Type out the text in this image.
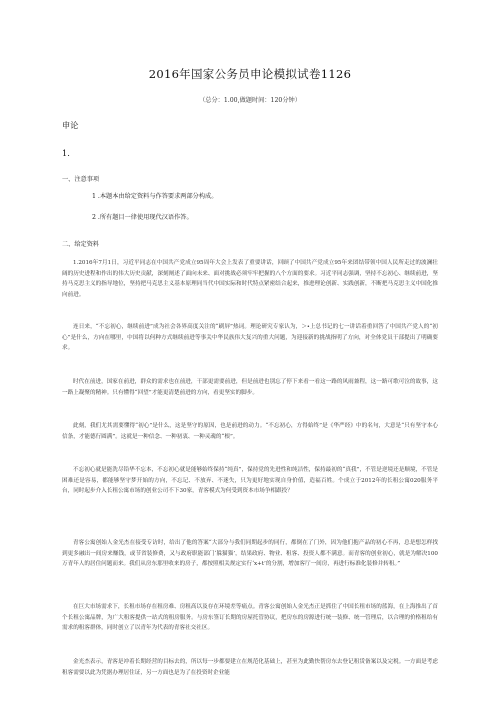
2016年国家公务员申论模拟试卷1126
（总分：1.00,做题时间：120分钟）
申论
1.
一、注意事项
1 .本题本由给定资料与作答要求两部分构成。
2 .所有题目一律使用现代汉语作答。
二、给定资料

1.2016年7月1日，习近平同志在中国共产党成立95周年大会上发表了重要讲话，回顾了中国共产党成立95年来团结带领中国人民所走过的波澜壮阔的历史进程和作出的伟大历史贡献，深刻阐述了面向未来、面对挑战必须牢牢把握的八个方面的要求。习近平同志强调，坚持不忘初心、继续前进，坚持马克思主义的指导地位，坚持把马克思主义基本原理同当代中国实际和时代特点紧密结合起来，推进理论创新、实践创新，不断把马克思主义中国化推向前进。

连日来，“不忘初心，继续前进”成为社会各界高度关注的“刷屏”热词。理论研究专家认为，＞∙上总书记的七一讲话着重回答了中国共产党人的“初心”是什么，方向在哪里，中国将以何种方式继续前进等事关中华民族伟大复兴的重大问题，为迎接新的挑战指明了方向，对全体党员干部提出了明确要求。

时代在前进，国家在前进，群众的需求也在前进，干部更需要前进，但是前进也别忘了停下来看一看这一路的风雨兼程，这一路可歌可泣的故事，这一路上凝聚的精神。只有懂得“回望”才能更清楚前进的方向，看更坚实的脚步。

此刻，我们尤其需要懂得“初心”是什么，这是坚守的原因，也是前进的动力。“不忘初心，方得始终”是《华严经》中的名句，大意是“只有坚守本心信条，才能德行圆满”。这就是一种信念、一种初衷、一种灵魂的“根”。

不忘初心就是能洗尽铅华不忘本，不忘初心就是能够始终保持“纯真”，保持党的先进性和纯洁性，保持最初的“真我”，不管是逆境还是顺境，不管是困难还是容易，都能够坚守梦开始的方向，不忘记、不放弃、不迷失，只为更好地实现自身价值，造福百姓。个成立于2012年的长租公寓020服务平台，同时起步介入长租公寓市场的创业公司不下30家，青客模式为何受到资本市场争相跟投？

青客公寓创始人金光杰在接受专访时，给出了他的答案“大部分与我们同期起步的同行，都倒在了门外，因为他们抱产品的初心不再，总是想怎样找到更多融出一间房来赚钱，或节省装修费，又与政府职能部门‘躲猫猫’，结果政府、物业、租客、投资人都不满意。而青客的创业初心，就是为解决100万青年人的居住问题而来。我们从房东那里收来的房子，都按照相关规定实行‘x+t’的分割，增加客厅一间房，再进行标准化装修并转租。”

在巨大市场需求下，长租市场存在租房难、房租高以及存在环境差等痛点。青客公寓创始人金光杰正是抓住了中国长租市场的蓝海，在上海推出了首个长租公寓品牌，为广大租客提供一站式的租房服务。与房东签订长期的房屋托管协议，把房东的房源进行统一装修、统一管理后，以合理的价格租给有需求的租客群体，同时创立了以青年为代表的青客社交社区。

金光杰表示，青客是冲着长期经营的目标去的，所以每一步都要建立在规范化基础上，甚至为此勤快帮房东去登记租赁备案以及完税。一方面是考虑租客需要以此为凭据办理居住证，另一方面也是为了在投资时企业能
